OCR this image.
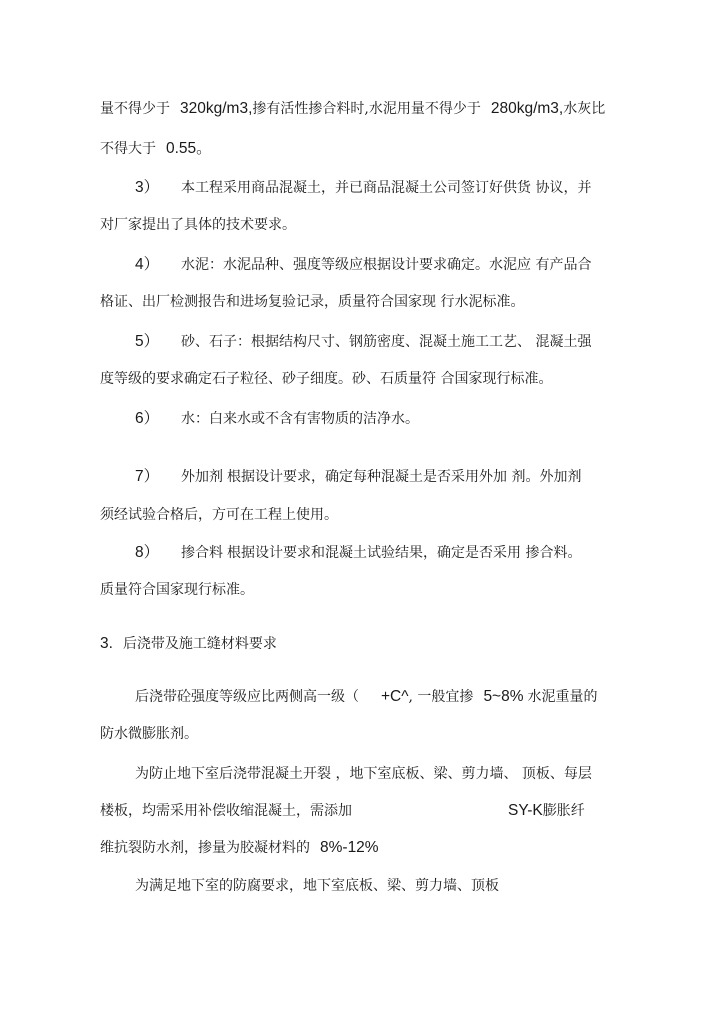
量不得少于 320kg/m3,掺有活性掺合料时,水泥用量不得少于 280kg/m3,水灰比
不得大于 0.55。
3） 本工程采用商品混凝土，并已商品混凝土公司签订好供货 协议，并
对厂家提出了具体的技术要求。
4） 水泥：水泥品种、强度等级应根据设计要求确定。水泥应 有产品合
格证、出厂检测报告和进场复验记录，质量符合国家现 行水泥标准。
5） 砂、石子：根据结构尺寸、钢筋密度、混凝土施工工艺、 混凝土强
度等级的要求确定石子粒径、砂子细度。砂、石质量符 合国家现行标准。
6） 水：白来水或不含有害物质的洁净水。
7） 外加剂 根据设计要求，确定每种混凝土是否采用外加 剂。外加剂
须经试验合格后，方可在工程上使用。
8） 掺合料 根据设计要求和混凝土试验结果，确定是否采用 掺合料。
质量符合国家现行标准。
3. 后浇带及施工缝材料要求
后浇带砼强度等级应比两侧高一级（ +C^, 一般宜掺 5~8% 水泥重量的
防水微膨胀剂。
为防止地下室后浇带混凝土开裂 ，地下室底板、梁、剪力墙、 顶板、每层
楼板，均需采用补偿收缩混凝土，需添加	SY-K膨胀纤
维抗裂防水剂，掺量为胶凝材料的 8%-12%
为满足地下室的防腐要求，地下室底板、梁、剪力墙、顶板
